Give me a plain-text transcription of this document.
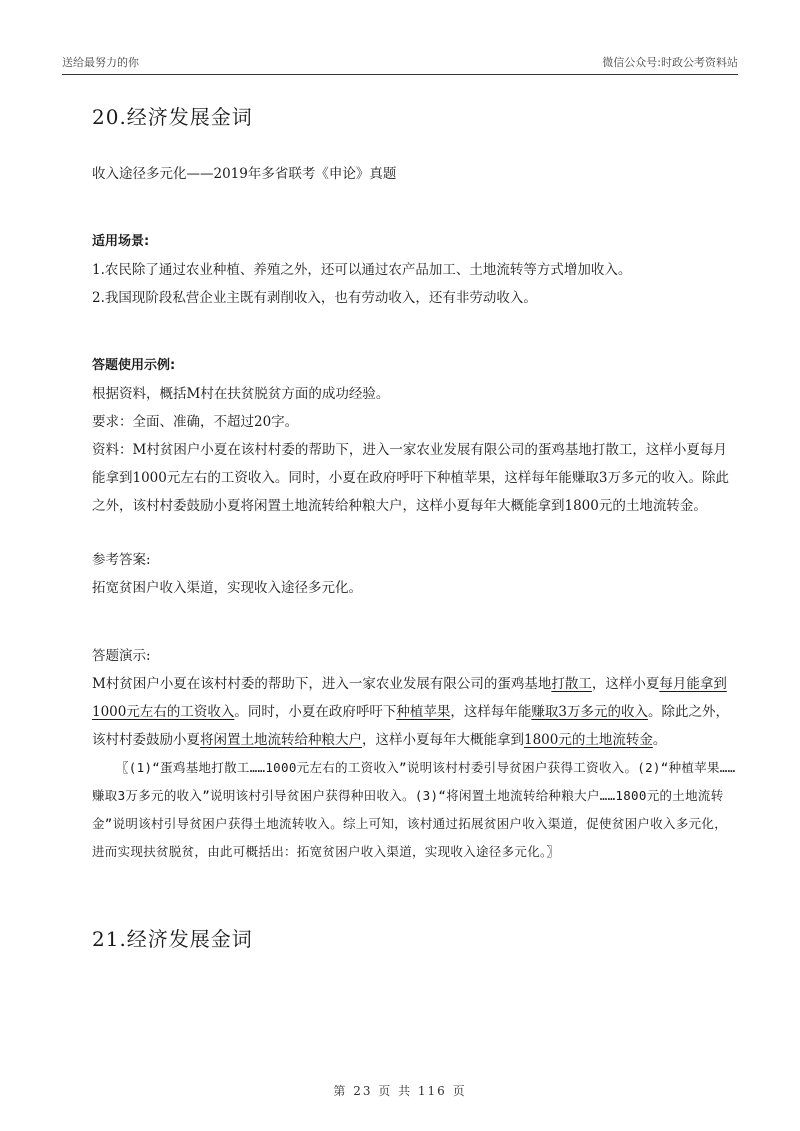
送给最努力的你	微信公众号:时政公考资料站
20.经济发展金词

收入途径多元化——2019年多省联考《申论》真题

适用场景:

1.农民除了通过农业种植、养殖之外，还可以通过农产品加工、土地流转等方式增加收入。

2.我国现阶段私营企业主既有剥削收入，也有劳动收入，还有非劳动收入。

答题使用示例:

根据资料，概括M村在扶贫脱贫方面的成功经验。

要求：全面、准确，不超过20字。

资料：M村贫困户小夏在该村村委的帮助下，进入一家农业发展有限公司的蛋鸡基地打散工，这样小夏每月能拿到1000元左右的工资收入。同时，小夏在政府呼吁下种植苹果，这样每年能赚取3万多元的收入。除此之外，该村村委鼓励小夏将闲置土地流转给种粮大户，这样小夏每年大概能拿到1800元的土地流转金。

参考答案:

拓宽贫困户收入渠道，实现收入途径多元化。

答题演示:

M村贫困户小夏在该村村委的帮助下，进入一家农业发展有限公司的蛋鸡基地打散工，这样小夏每月能拿到1000元左右的工资收入。同时，小夏在政府呼吁下种植苹果，这样每年能赚取3万多元的收入。除此之外，该村村委鼓励小夏将闲置土地流转给种粮大户，这样小夏每年大概能拿到1800元的土地流转金。

〖(1)“蛋鸡基地打散工……1000元左右的工资收入”说明该村村委引导贫困户获得工资收入。(2)“种植苹果……赚取3万多元的收入”说明该村引导贫困户获得种田收入。(3)“将闲置土地流转给种粮大户……1800元的土地流转金”说明该村引导贫困户获得土地流转收入。综上可知，该村通过拓展贫困户收入渠道，促使贫困户收入多元化，进而实现扶贫脱贫，由此可概括出：拓宽贫困户收入渠道，实现收入途径多元化。〗

21.经济发展金词
第 23 页 共 116 页
